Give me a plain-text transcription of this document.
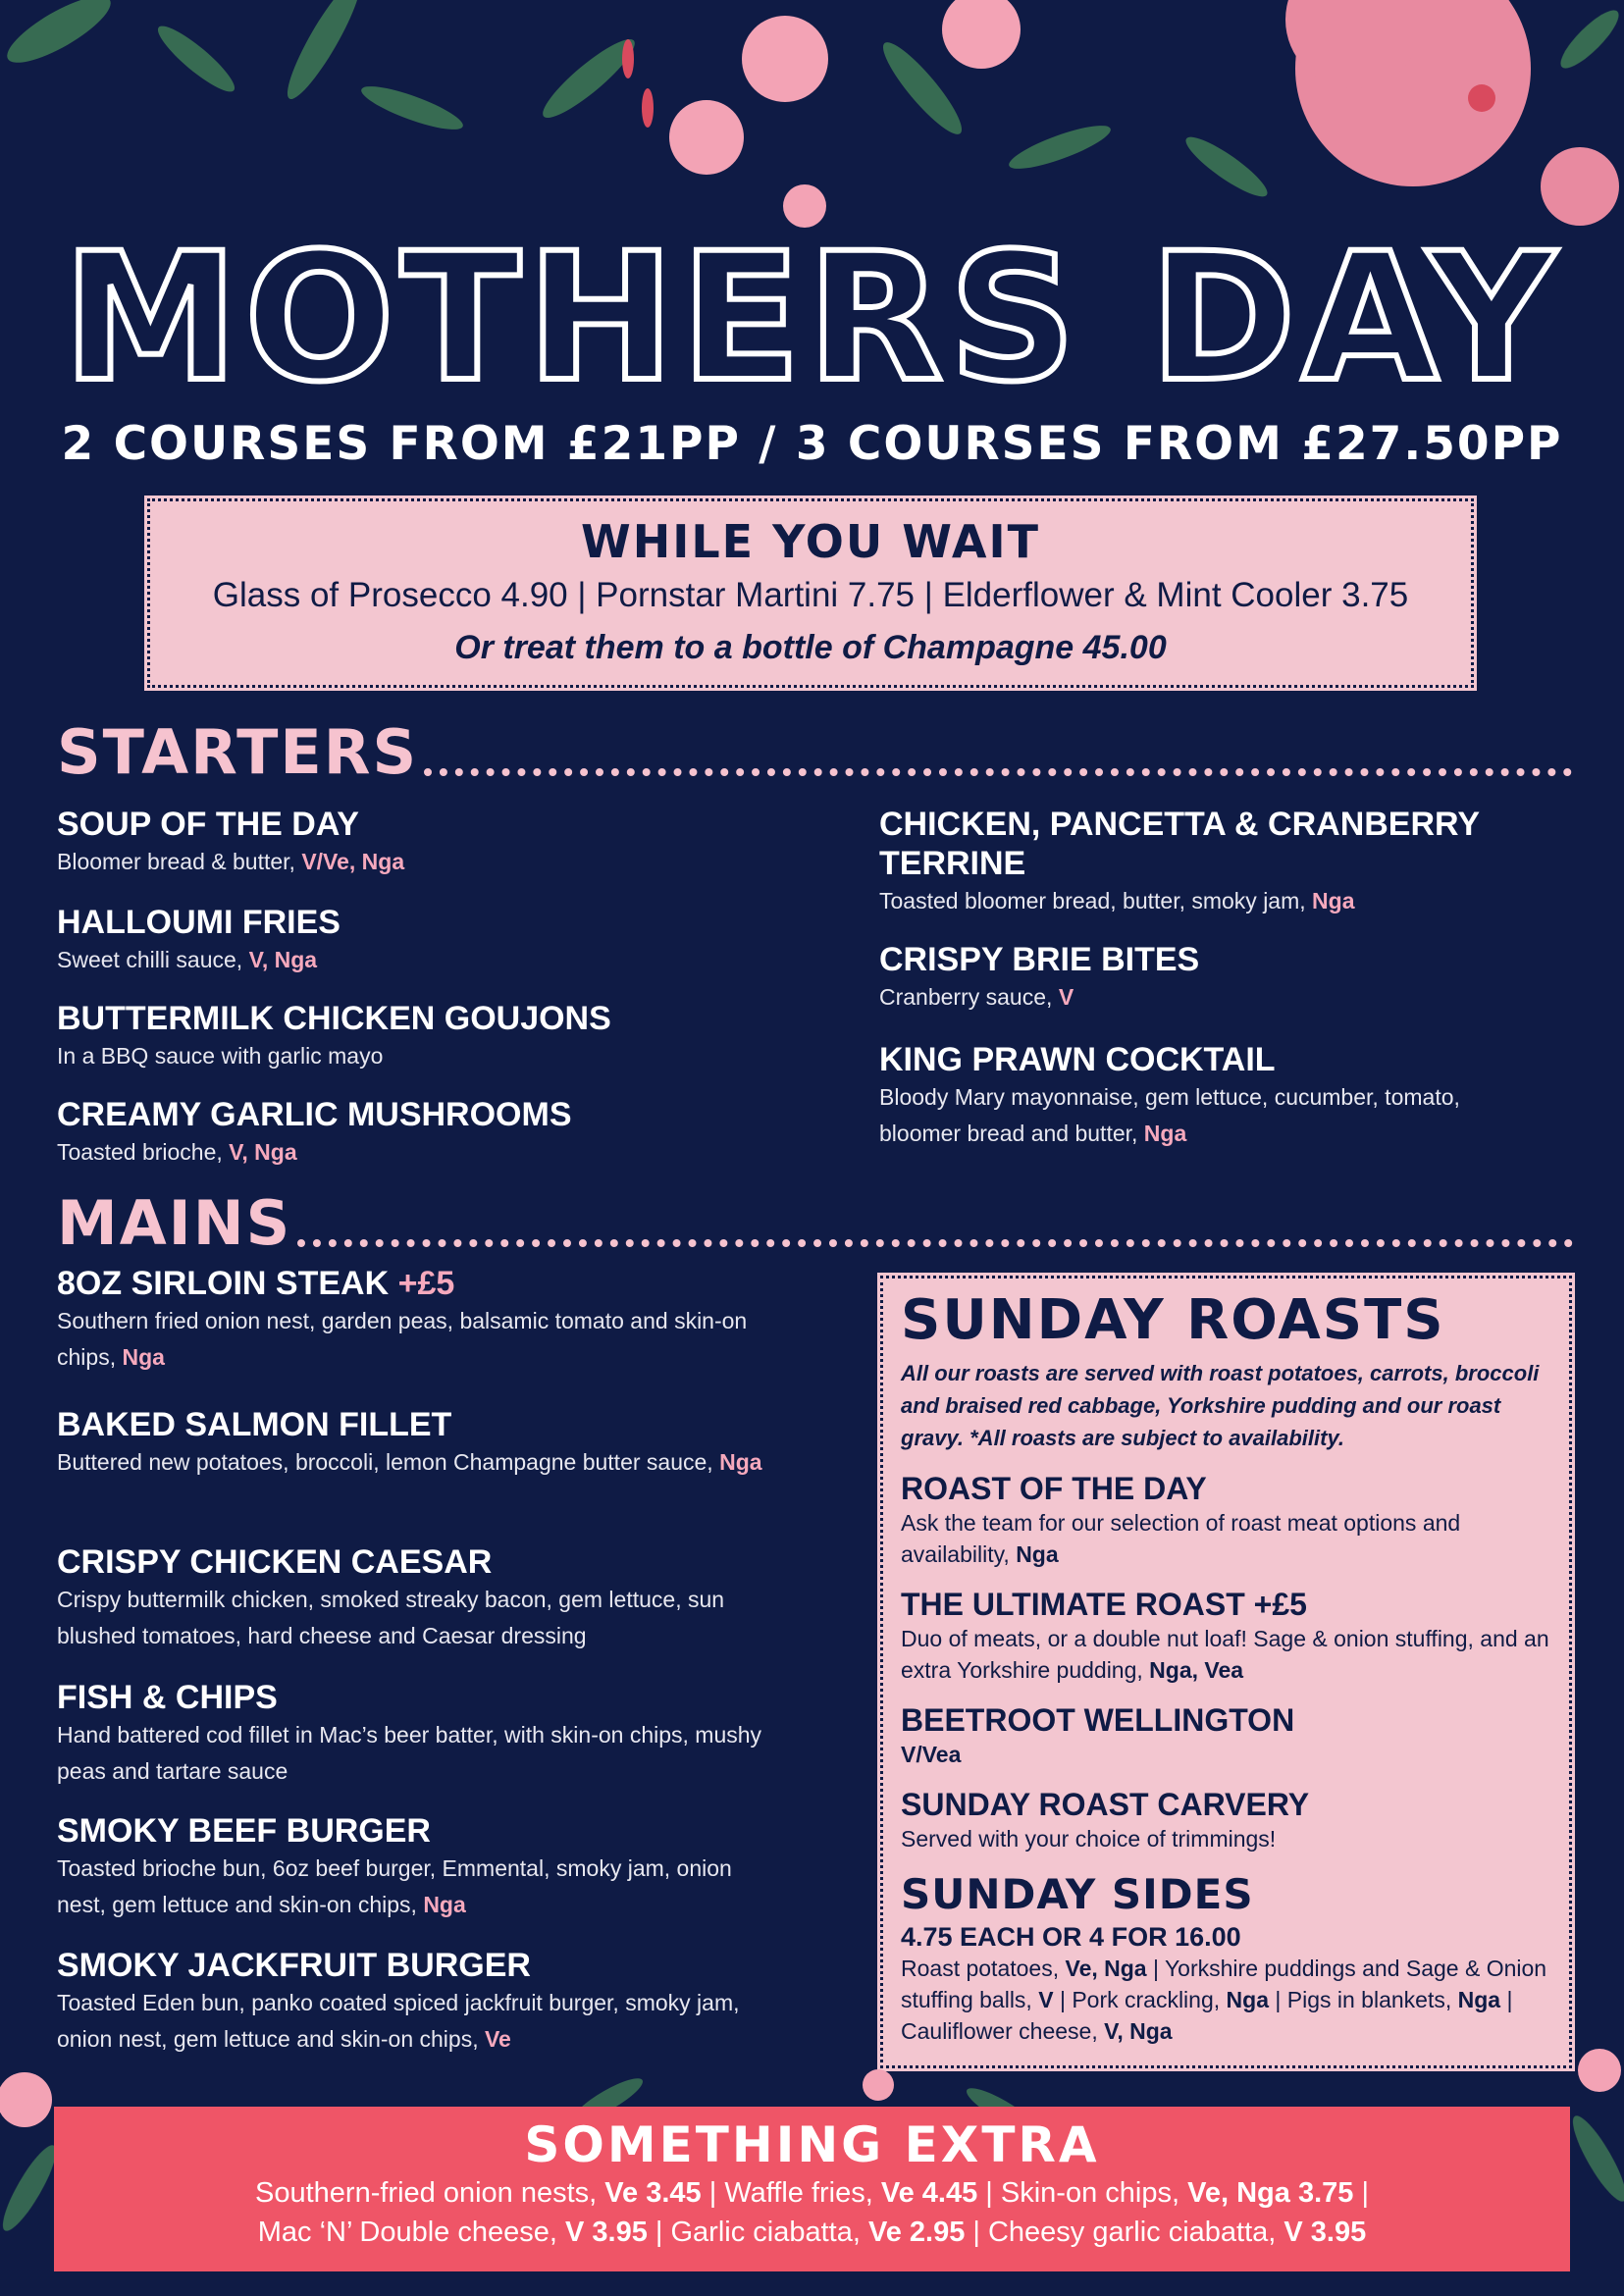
MOTHERS DAY
2 COURSES FROM £21PP / 3 COURSES FROM £27.50PP
WHILE YOU WAIT
Glass of Prosecco 4.90 | Pornstar Martini 7.75 | Elderflower & Mint Cooler 3.75
Or treat them to a bottle of Champagne 45.00
STARTERS
SOUP OF THE DAY
Bloomer bread & butter, V/Ve, Nga
HALLOUMI FRIES
Sweet chilli sauce, V, Nga
BUTTERMILK CHICKEN GOUJONS
In a BBQ sauce with garlic mayo
CREAMY GARLIC MUSHROOMS
Toasted brioche, V, Nga
CHICKEN, PANCETTA & CRANBERRY TERRINE
Toasted bloomer bread, butter, smoky jam, Nga
CRISPY BRIE BITES
Cranberry sauce, V
KING PRAWN COCKTAIL
Bloody Mary mayonnaise, gem lettuce, cucumber, tomato, bloomer bread and butter, Nga
MAINS
8OZ SIRLOIN STEAK +£5
Southern fried onion nest, garden peas, balsamic tomato and skin-on chips, Nga
BAKED SALMON FILLET
Buttered new potatoes, broccoli, lemon Champagne butter sauce, Nga
CRISPY CHICKEN CAESAR
Crispy buttermilk chicken, smoked streaky bacon, gem lettuce, sun blushed tomatoes, hard cheese and Caesar dressing
FISH & CHIPS
Hand battered cod fillet in Mac’s beer batter, with skin-on chips, mushy peas and tartare sauce
SMOKY BEEF BURGER
Toasted brioche bun, 6oz beef burger, Emmental, smoky jam, onion nest, gem lettuce and skin-on chips, Nga
SMOKY JACKFRUIT BURGER
Toasted Eden bun, panko coated spiced jackfruit burger, smoky jam, onion nest, gem lettuce and skin-on chips, Ve
SUNDAY ROASTS
All our roasts are served with roast potatoes, carrots, broccoli and braised red cabbage, Yorkshire pudding and our roast gravy. *All roasts are subject to availability.
ROAST OF THE DAY
Ask the team for our selection of roast meat options and availability, Nga
THE ULTIMATE ROAST +£5
Duo of meats, or a double nut loaf! Sage & onion stuffing, and an extra Yorkshire pudding, Nga, Vea
BEETROOT WELLINGTON
V/Vea
SUNDAY ROAST CARVERY
Served with your choice of trimmings!
SUNDAY SIDES
4.75 EACH OR 4 FOR 16.00
Roast potatoes, Ve, Nga | Yorkshire puddings and Sage & Onion stuffing balls, V | Pork crackling, Nga | Pigs in blankets, Nga | Cauliflower cheese, V, Nga
SOMETHING EXTRA
Southern-fried onion nests, Ve 3.45 | Waffle fries, Ve 4.45 | Skin-on chips, Ve, Nga 3.75 |
Mac ‘N’ Double cheese, V 3.95 | Garlic ciabatta, Ve 2.95 | Cheesy garlic ciabatta, V 3.95
